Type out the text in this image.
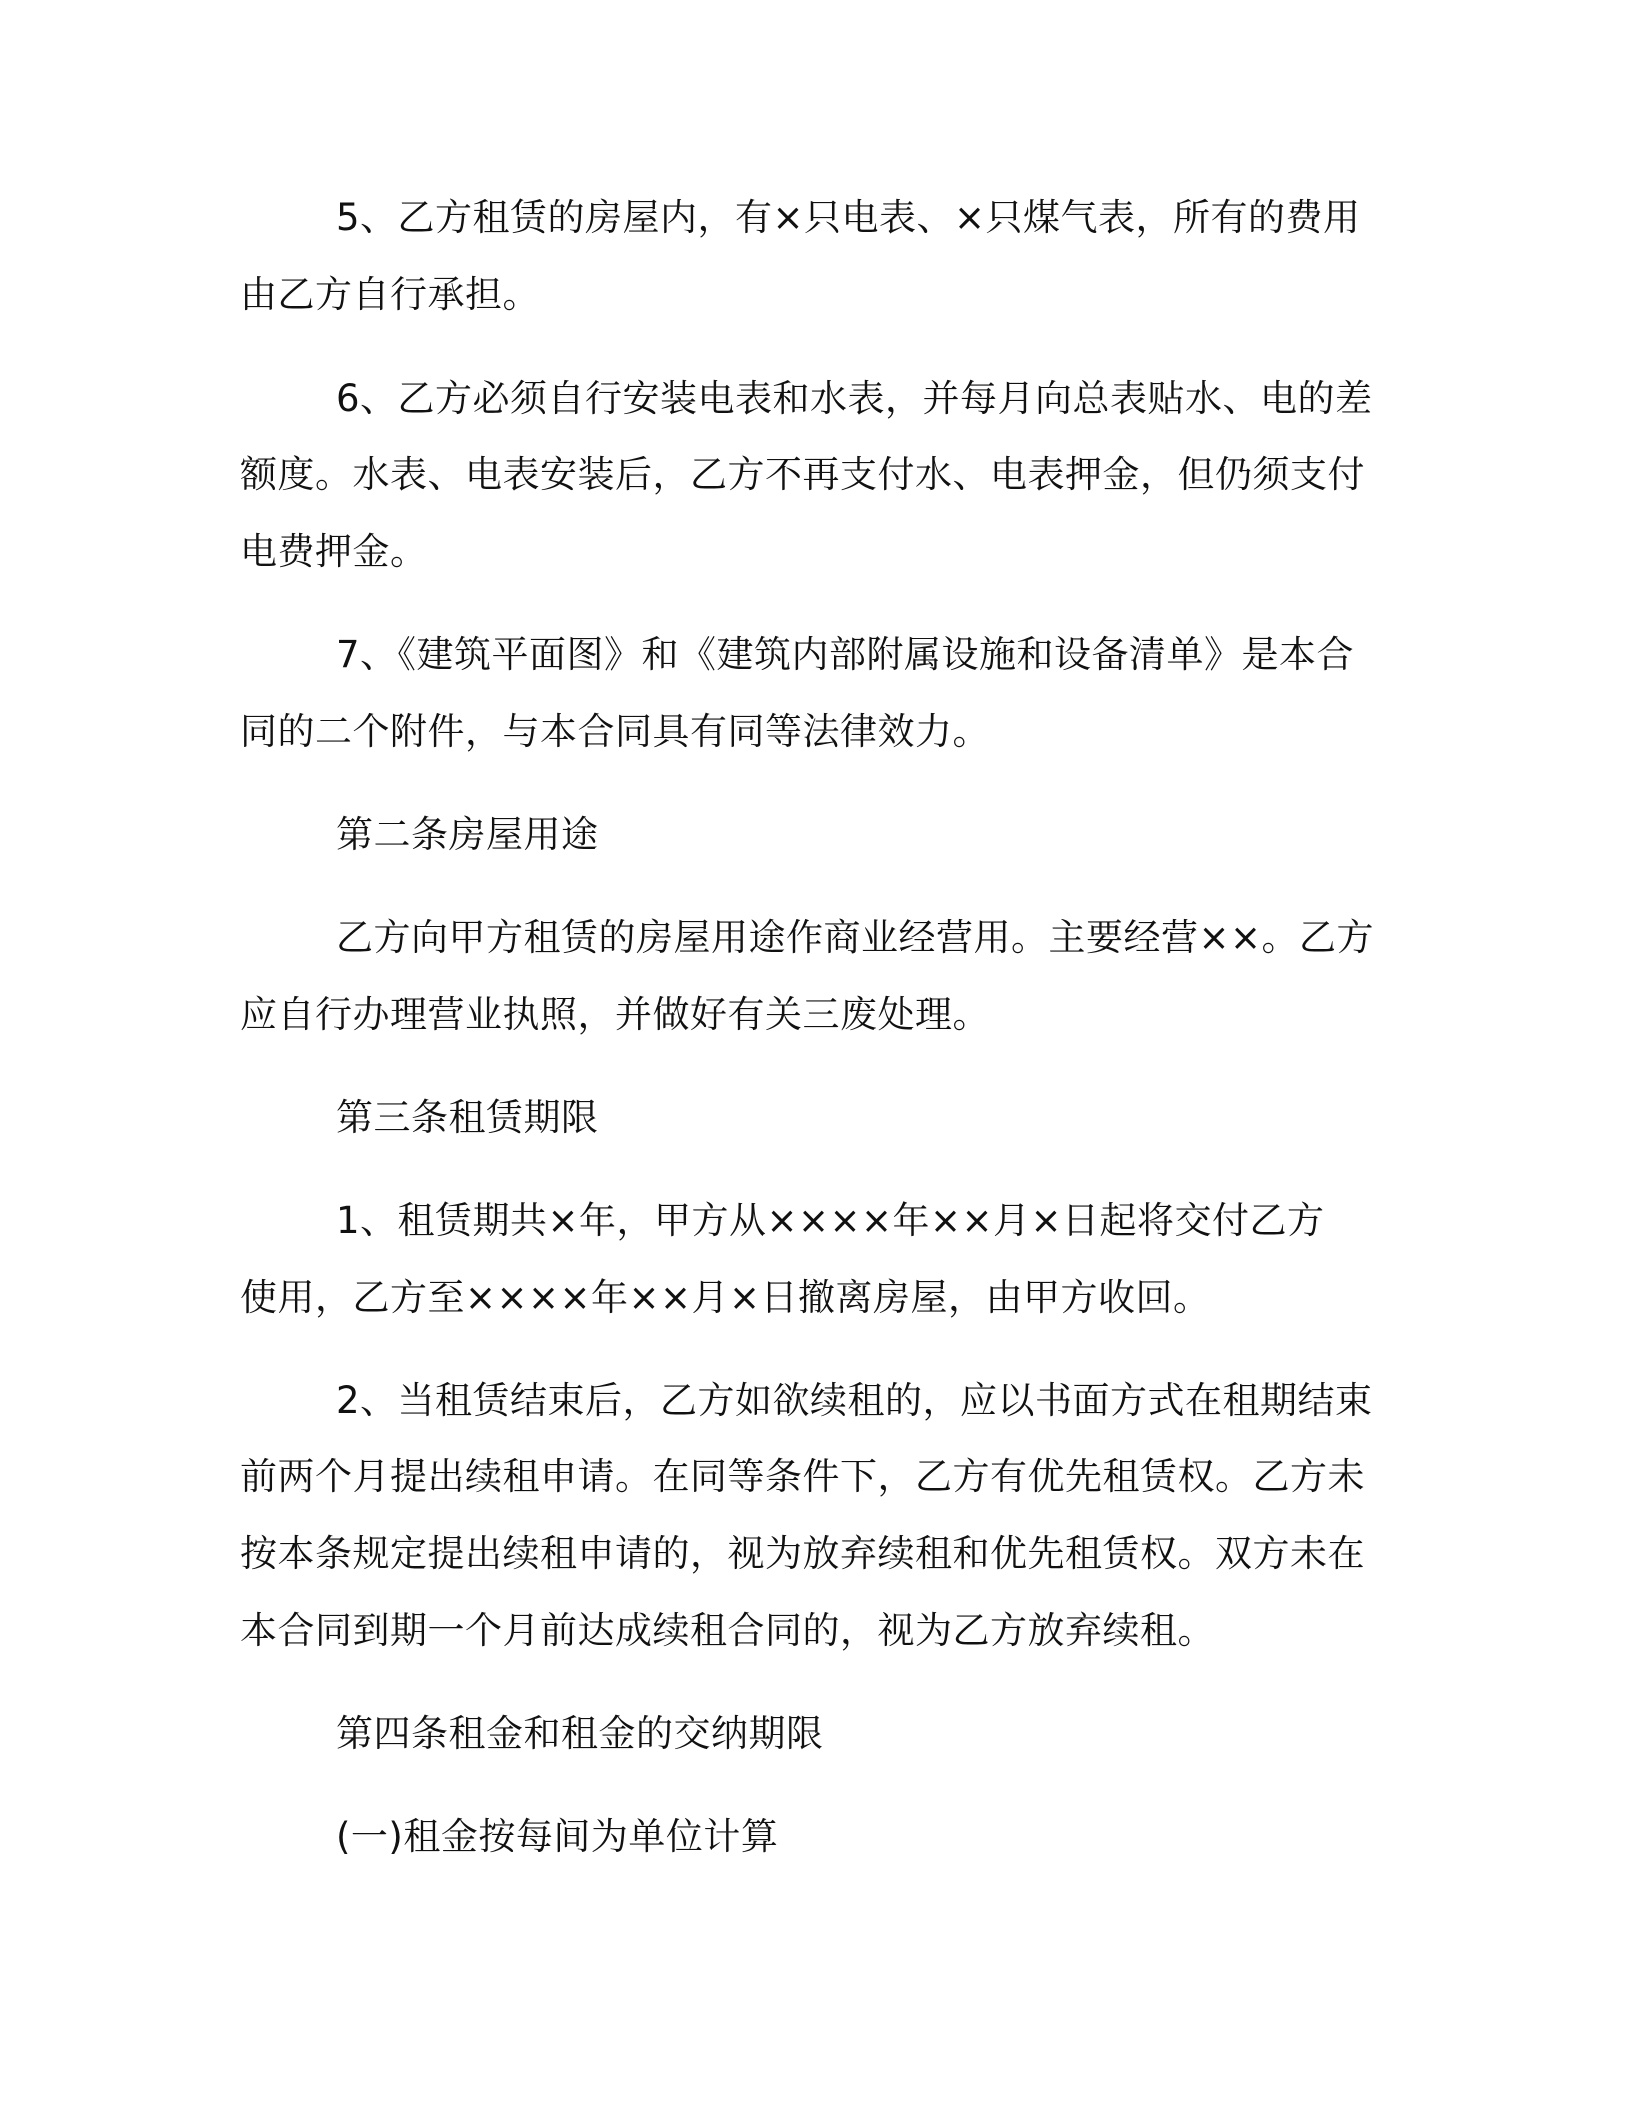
5、乙方租赁的房屋内，有×只电表、×只煤气表，所有的费用
由乙方自行承担。
6、乙方必须自行安装电表和水表，并每月向总表贴水、电的差
额度。水表、电表安装后，乙方不再支付水、电表押金，但仍须支付
电费押金。
7、《建筑平面图》和《建筑内部附属设施和设备清单》是本合
同的二个附件，与本合同具有同等法律效力。
第二条房屋用途
乙方向甲方租赁的房屋用途作商业经营用。主要经营××。乙方
应自行办理营业执照，并做好有关三废处理。
第三条租赁期限
1、租赁期共×年，甲方从××××年××月×日起将交付乙方
使用，乙方至××××年××月×日撤离房屋，由甲方收回。
2、当租赁结束后，乙方如欲续租的，应以书面方式在租期结束
前两个月提出续租申请。在同等条件下，乙方有优先租赁权。乙方未
按本条规定提出续租申请的，视为放弃续租和优先租赁权。双方未在
本合同到期一个月前达成续租合同的，视为乙方放弃续租。
第四条租金和租金的交纳期限
(一)租金按每间为单位计算
